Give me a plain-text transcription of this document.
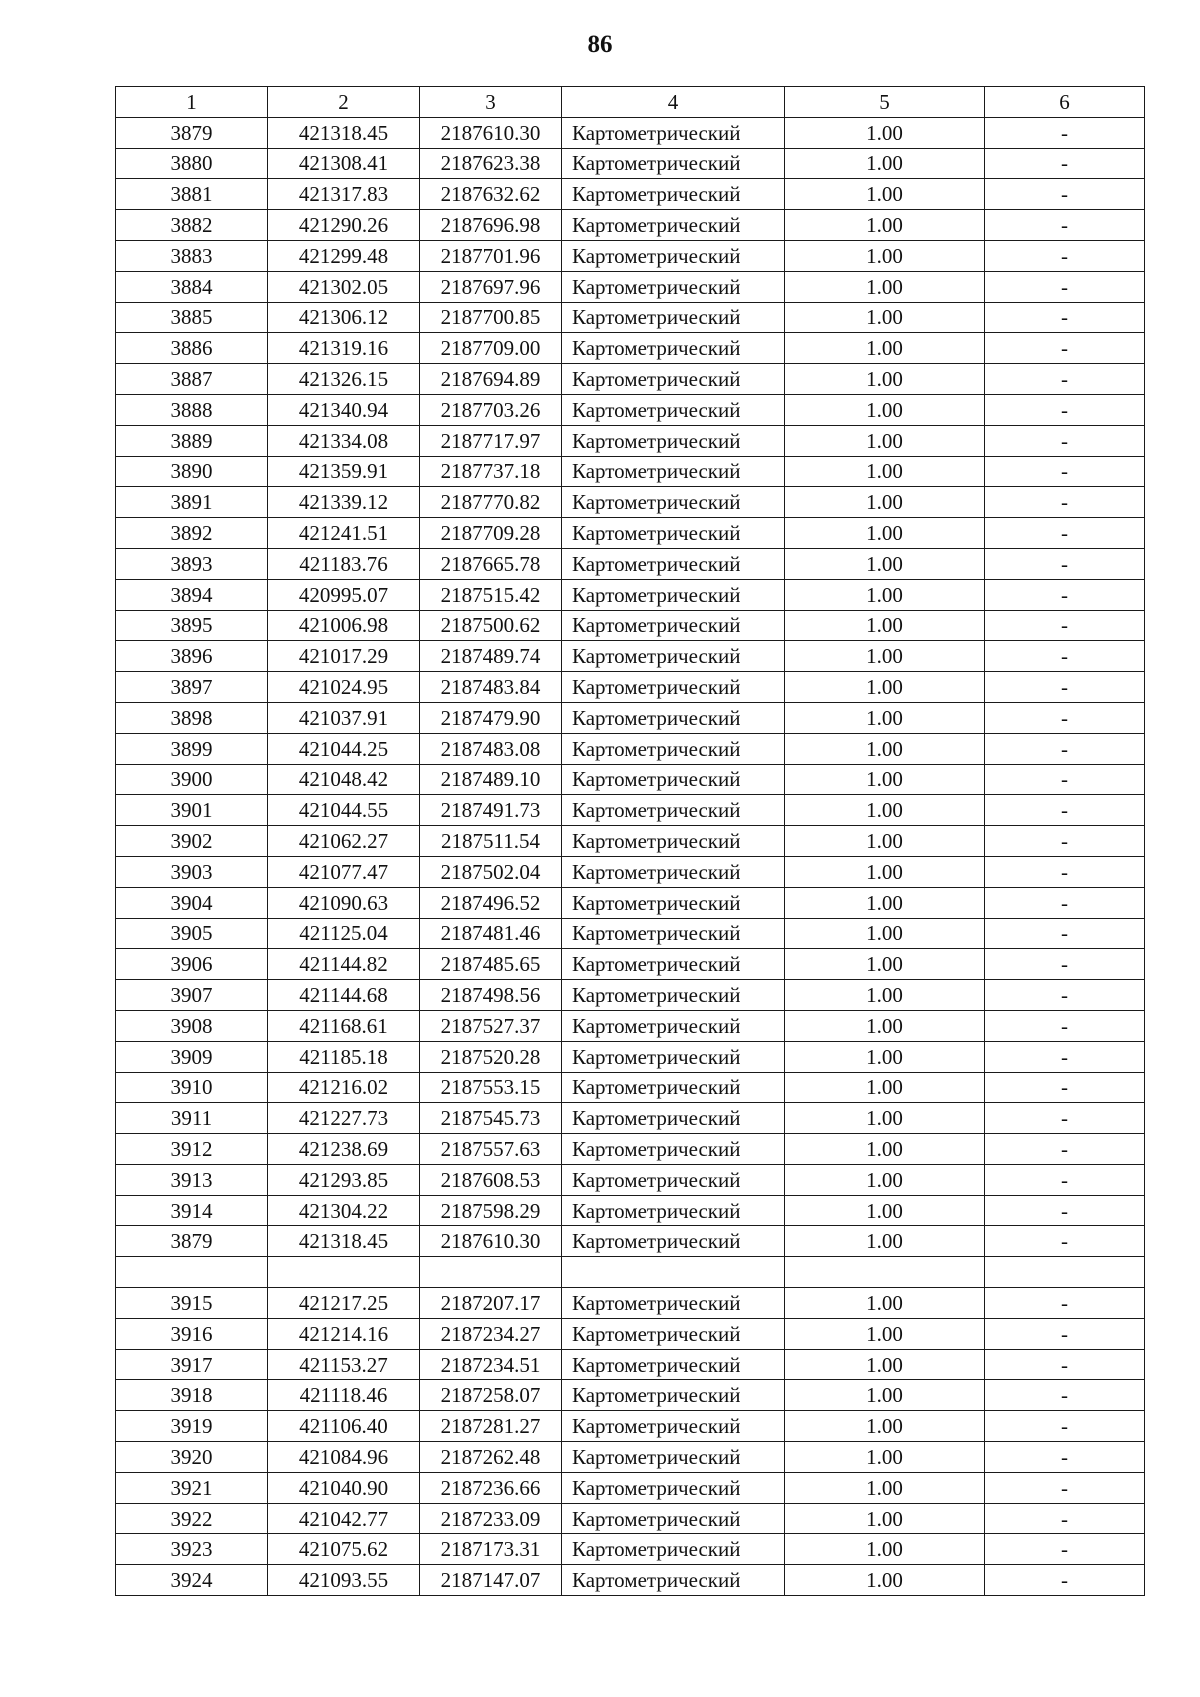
86
1	2	3	4	5	6
3879	421318.45	2187610.30	Картометрический	1.00	-
3880	421308.41	2187623.38	Картометрический	1.00	-
3881	421317.83	2187632.62	Картометрический	1.00	-
3882	421290.26	2187696.98	Картометрический	1.00	-
3883	421299.48	2187701.96	Картометрический	1.00	-
3884	421302.05	2187697.96	Картометрический	1.00	-
3885	421306.12	2187700.85	Картометрический	1.00	-
3886	421319.16	2187709.00	Картометрический	1.00	-
3887	421326.15	2187694.89	Картометрический	1.00	-
3888	421340.94	2187703.26	Картометрический	1.00	-
3889	421334.08	2187717.97	Картометрический	1.00	-
3890	421359.91	2187737.18	Картометрический	1.00	-
3891	421339.12	2187770.82	Картометрический	1.00	-
3892	421241.51	2187709.28	Картометрический	1.00	-
3893	421183.76	2187665.78	Картометрический	1.00	-
3894	420995.07	2187515.42	Картометрический	1.00	-
3895	421006.98	2187500.62	Картометрический	1.00	-
3896	421017.29	2187489.74	Картометрический	1.00	-
3897	421024.95	2187483.84	Картометрический	1.00	-
3898	421037.91	2187479.90	Картометрический	1.00	-
3899	421044.25	2187483.08	Картометрический	1.00	-
3900	421048.42	2187489.10	Картометрический	1.00	-
3901	421044.55	2187491.73	Картометрический	1.00	-
3902	421062.27	2187511.54	Картометрический	1.00	-
3903	421077.47	2187502.04	Картометрический	1.00	-
3904	421090.63	2187496.52	Картометрический	1.00	-
3905	421125.04	2187481.46	Картометрический	1.00	-
3906	421144.82	2187485.65	Картометрический	1.00	-
3907	421144.68	2187498.56	Картометрический	1.00	-
3908	421168.61	2187527.37	Картометрический	1.00	-
3909	421185.18	2187520.28	Картометрический	1.00	-
3910	421216.02	2187553.15	Картометрический	1.00	-
3911	421227.73	2187545.73	Картометрический	1.00	-
3912	421238.69	2187557.63	Картометрический	1.00	-
3913	421293.85	2187608.53	Картометрический	1.00	-
3914	421304.22	2187598.29	Картометрический	1.00	-
3879	421318.45	2187610.30	Картометрический	1.00	-

3915	421217.25	2187207.17	Картометрический	1.00	-
3916	421214.16	2187234.27	Картометрический	1.00	-
3917	421153.27	2187234.51	Картометрический	1.00	-
3918	421118.46	2187258.07	Картометрический	1.00	-
3919	421106.40	2187281.27	Картометрический	1.00	-
3920	421084.96	2187262.48	Картометрический	1.00	-
3921	421040.90	2187236.66	Картометрический	1.00	-
3922	421042.77	2187233.09	Картометрический	1.00	-
3923	421075.62	2187173.31	Картометрический	1.00	-
3924	421093.55	2187147.07	Картометрический	1.00	-
